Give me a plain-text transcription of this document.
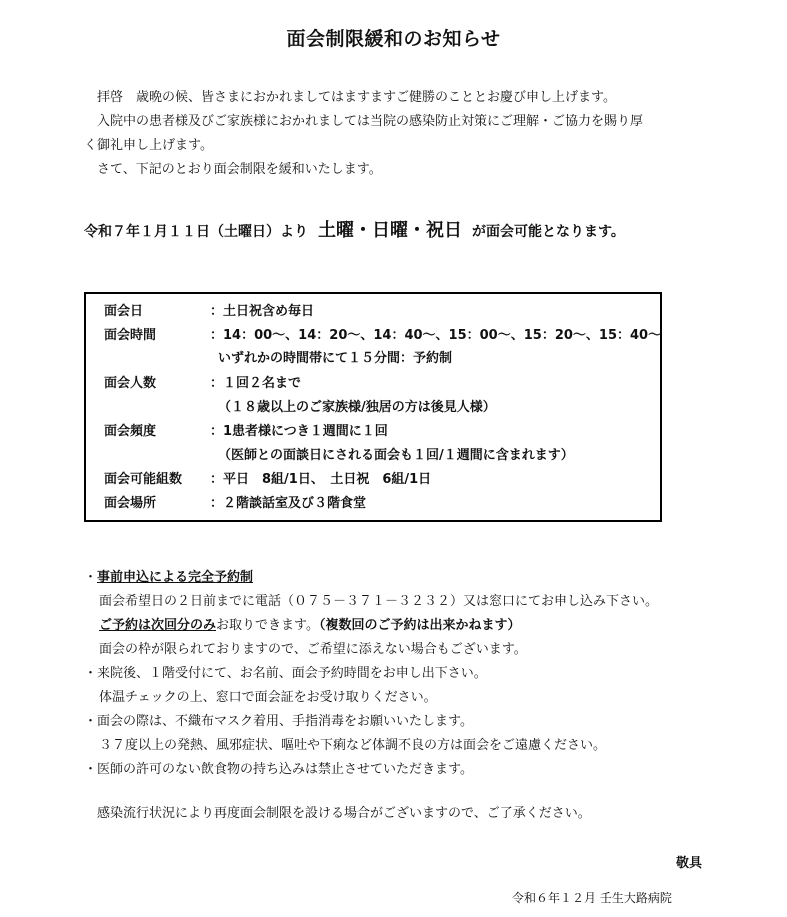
面会制限緩和のお知らせ

拝啓　歳晩の候、皆さまにおかれましてはますますご健勝のこととお慶び申し上げます。

入院中の患者様及びご家族様におかれましては当院の感染防止対策にご理解・ご協力を賜り厚

く御礼申し上げます。

さて、下記のとおり面会制限を緩和いたします。

令和７年１月１１日（土曜日）より 土曜・日曜・祝日 が面会可能となります。
面会日	：土日祝含め毎日
面会時間	：14：00～、14：20～、14：40～、15：00～、15：20～、15：40～
いずれかの時間帯にて１５分間：予約制
面会人数	：１回２名まで
（１８歳以上のご家族様/独居の方は後見人様）
面会頻度	：1患者様につき１週間に１回
（医師との面談日にされる面会も１回/１週間に含まれます）
面会可能組数 ：平日　8組/1日、　土日祝　6組/1日
面会場所	：２階談話室及び３階食堂
・事前申込による完全予約制
面会希望日の２日前までに電話（０７５－３７１－３２３２）又は窓口にてお申し込み下さい。
ご予約は次回分のみお取りできます。（複数回のご予約は出来かねます）
面会の枠が限られておりますので、ご希望に添えない場合もございます。
・来院後、１階受付にて、お名前、面会予約時間をお申し出下さい。
体温チェックの上、窓口で面会証をお受け取りください。
・面会の際は、不織布マスク着用、手指消毒をお願いいたします。
３７度以上の発熱、風邪症状、嘔吐や下痢など体調不良の方は面会をご遠慮ください。
・医師の許可のない飲食物の持ち込みは禁止させていただきます。
感染流行状況により再度面会制限を設ける場合がございますので、ご了承ください。
敬具
令和６年１２月 壬生大路病院
